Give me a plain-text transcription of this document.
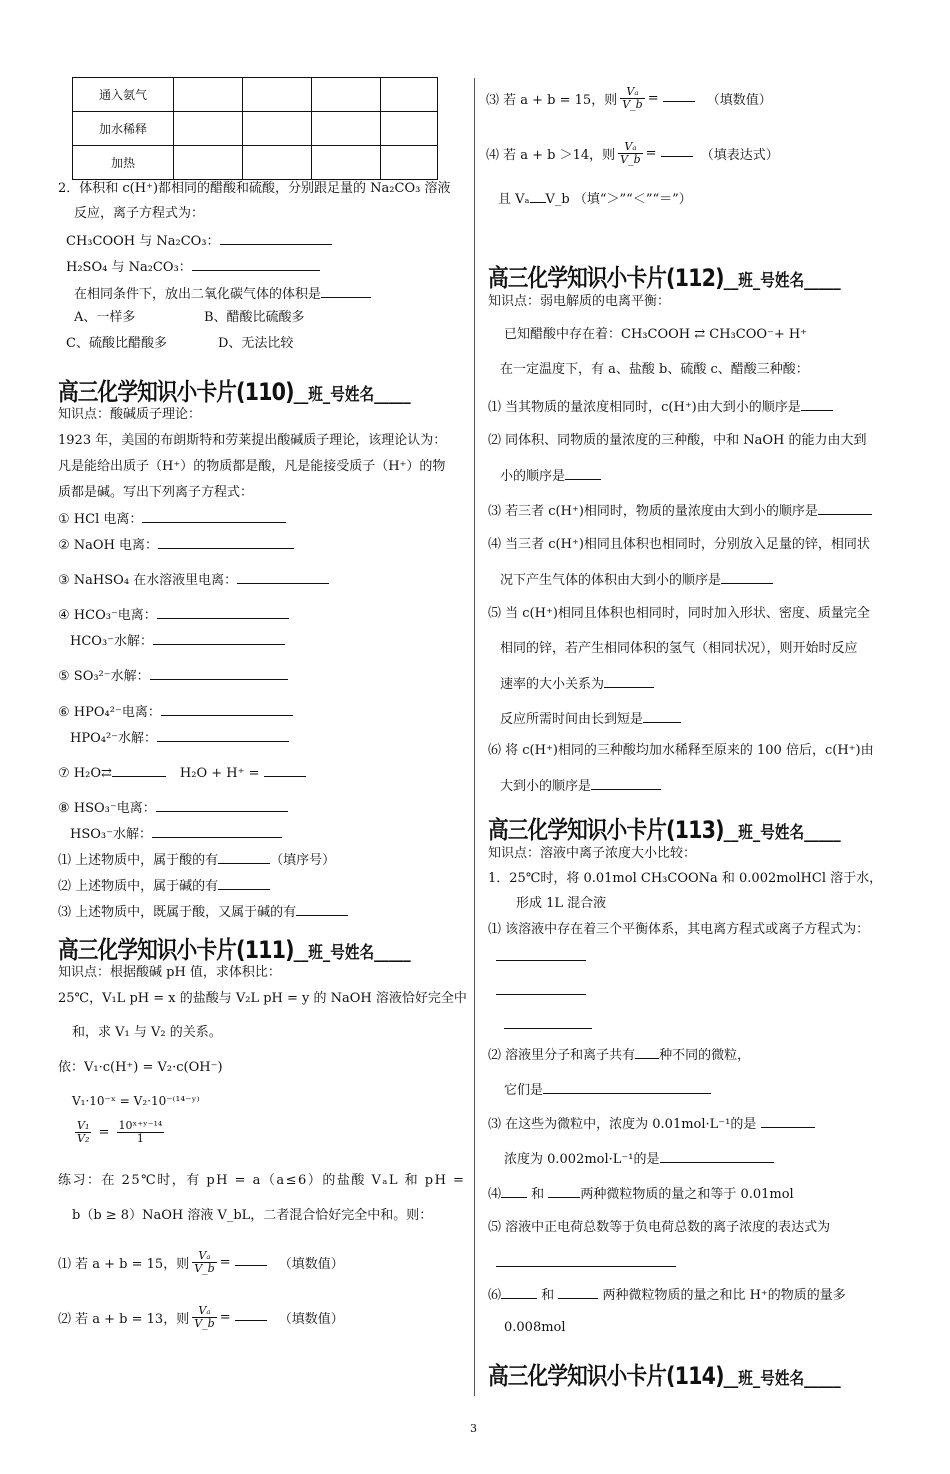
通入氨气				
加水稀释				
加热				
2．体积和 c(H⁺)都相同的醋酸和硫酸，分别跟足量的 Na₂CO₃ 溶液
反应，离子方程式为：
CH₃COOH 与 Na₂CO₃：
H₂SO₄ 与 Na₂CO₃：
在相同条件下，放出二氧化碳气体的体积是
A、一样多	B、醋酸比硫酸多
C、硫酸比醋酸多	D、无法比较
高三化学知识小卡片(110)__班_号姓名_____
知识点：酸碱质子理论：
1923 年，美国的布朗斯特和劳莱提出酸碱质子理论，该理论认为：
凡是能给出质子（H⁺）的物质都是酸，凡是能接受质子（H⁺）的物
质都是碱。写出下列离子方程式：
① HCl 电离：
② NaOH 电离：
③ NaHSO₄ 在水溶液里电离：
④ HCO₃⁻电离：
HCO₃⁻水解：
⑤ SO₃²⁻水解：
⑥ HPO₄²⁻电离：
HPO₄²⁻水解：
⑦ H₂O⇄	H₂O + H⁺ =
⑧ HSO₃⁻电离：
HSO₃⁻水解：
⑴ 上述物质中，属于酸的有	（填序号）
⑵ 上述物质中，属于碱的有
⑶ 上述物质中，既属于酸，又属于碱的有
高三化学知识小卡片(111)__班_号姓名_____
知识点：根据酸碱 pH 值，求体积比：
25℃，V₁L pH = x 的盐酸与 V₂L pH = y 的 NaOH 溶液恰好完全中
和，求 V₁ 与 V₂ 的关系。
依：V₁·c(H⁺) = V₂·c(OH⁻)
V₁·10⁻ˣ = V₂·10⁻⁽¹⁴⁻ʸ⁾
$\frac{\text{V₁}}{\text{V₂}} = \frac{\text{10ˣ⁺ʸ⁻¹⁴}}{1}$
练习：在 25℃时，有 pH = a（a≤6）的盐酸 VₐL 和 pH =
b（b ≥ 8）NaOH 溶液 V_bL，二者混合恰好完全中和。则：
⑴ 若 a + b = 15，则 $\frac{\text{Vₐ}}{V\_b}$ =	（填数值）
⑵ 若 a + b = 13，则 $\frac{\text{Vₐ}}{V\_b}$ =	（填数值）
⑶ 若 a + b = 15，则 $\frac{\text{Vₐ}}{V\_b}$ =	（填数值）
⑷ 若 a + b ＞14，则 $\frac{\text{Vₐ}}{V\_b}$ =	（填表达式）
且 Vₐ V_b （填“＞”“＜”“＝”）
高三化学知识小卡片(112)__班_号姓名_____
知识点：弱电解质的电离平衡：
已知醋酸中存在着：CH₃COOH ⇄ CH₃COO⁻+ H⁺
在一定温度下，有 a、盐酸 b、硫酸 c、醋酸三种酸：
⑴ 当其物质的量浓度相同时，c(H⁺)由大到小的顺序是
⑵ 同体积、同物质的量浓度的三种酸，中和 NaOH 的能力由大到
小的顺序是
⑶ 若三者 c(H⁺)相同时，物质的量浓度由大到小的顺序是
⑷ 当三者 c(H⁺)相同且体积也相同时，分别放入足量的锌，相同状
况下产生气体的体积由大到小的顺序是
⑸ 当 c(H⁺)相同且体积也相同时，同时加入形状、密度、质量完全
相同的锌，若产生相同体积的氢气（相同状况），则开始时反应
速率的大小关系为
反应所需时间由长到短是
⑹ 将 c(H⁺)相同的三种酸均加水稀释至原来的 100 倍后，c(H⁺)由
大到小的顺序是
高三化学知识小卡片(113)__班_号姓名_____
知识点：溶液中离子浓度大小比较：
1．25℃时，将 0.01mol CH₃COONa 和 0.002molHCl 溶于水，
形成 1L 混合液
⑴ 该溶液中存在着三个平衡体系，其电离方程式或离子方程式为：
⑵ 溶液里分子和离子共有 种不同的微粒，
它们是
⑶ 在这些为微粒中，浓度为 0.01mol·L⁻¹的是
浓度为 0.002mol·L⁻¹的是
⑷ 和	两种微粒物质的量之和等于 0.01mol
⑸ 溶液中正电荷总数等于负电荷总数的离子浓度的表达式为
⑹	和	两种微粒物质的量之和比 H⁺的物质的量多
0.008mol
高三化学知识小卡片(114)__班_号姓名_____
3
